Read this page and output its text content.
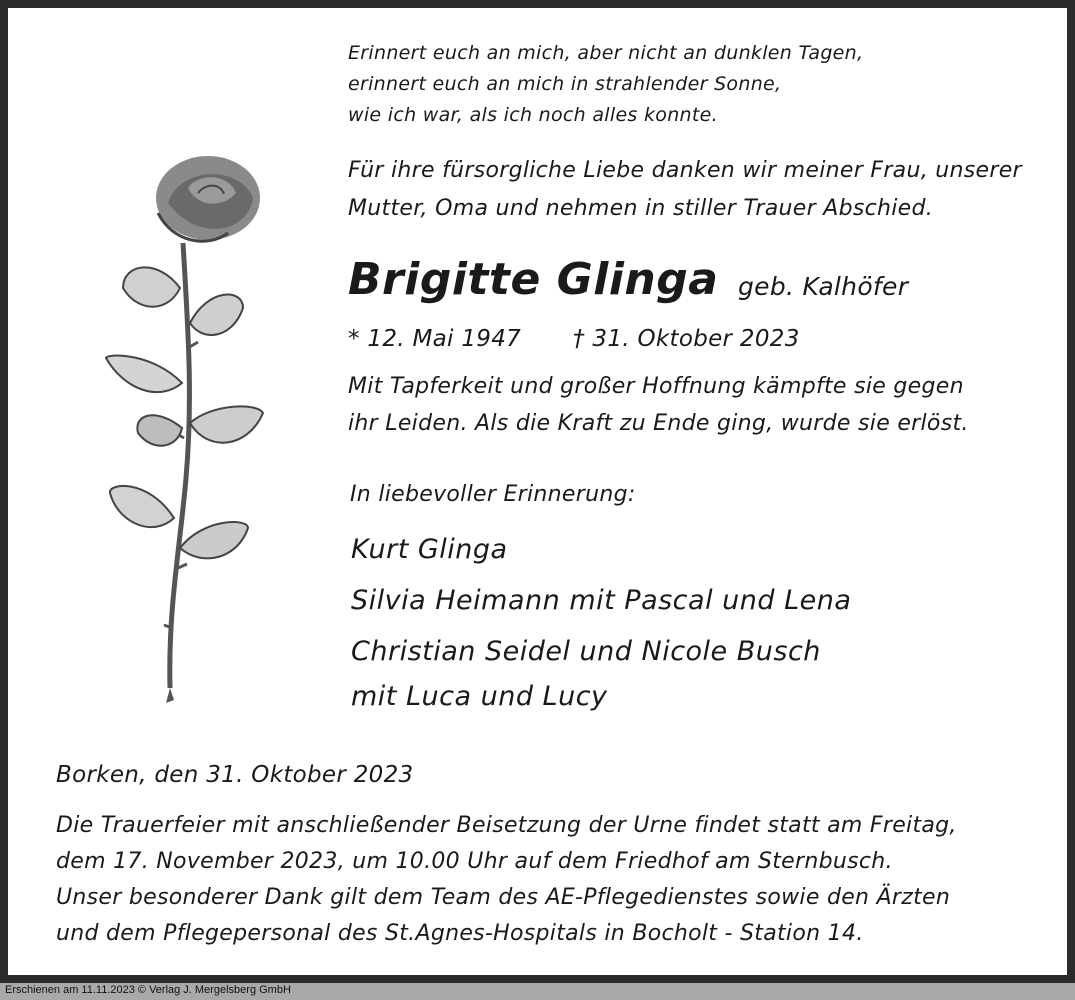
Erinnert euch an mich, aber nicht an dunklen Tagen,
erinnert euch an mich in strahlender Sonne,
wie ich war, als ich noch alles konnte.
Für ihre fürsorgliche Liebe danken wir meiner Frau, unserer
Mutter, Oma und nehmen in stiller Trauer Abschied.
Brigitte Glinga geb. Kalhöfer
* 12. Mai 1947 † 31. Oktober 2023
Mit Tapferkeit und großer Hoffnung kämpfte sie gegen
ihr Leiden. Als die Kraft zu Ende ging, wurde sie erlöst.
In liebevoller Erinnerung:
Kurt Glinga
Silvia Heimann mit Pascal und Lena
Christian Seidel und Nicole Busch
mit Luca und Lucy
Borken, den 31. Oktober 2023
Die Trauerfeier mit anschließender Beisetzung der Urne findet statt am Freitag,
dem 17. November 2023, um 10.00 Uhr auf dem Friedhof am Sternbusch.
Unser besonderer Dank gilt dem Team des AE-Pflegedienstes sowie den Ärzten
und dem Pflegepersonal des St.Agnes-Hospitals in Bocholt - Station 14.
Erschienen am 11.11.2023 © Verlag J. Mergelsberg GmbH
